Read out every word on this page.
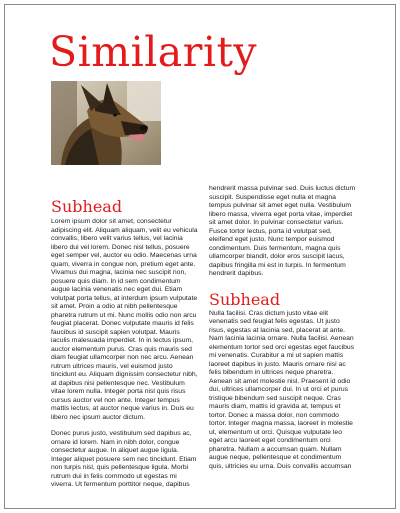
Similarity
Subhead

Lorem ipsum dolor sit amet, consectetur adipiscing elit. Aliquam aliquam, velit eu vehicula convallis, libero velit varius tellus, vel lacinia libero dui vel lorem. Donec nisl tellus, posuere eget semper vel, auctor eu odio. Maecenas urna quam, viverra in congue non, pretium eget ante. Vivamus dui magna, lacinia nec suscipit non, posuere quis diam. In id sem condimentum augue lacinia venenatis nec eget dui. Etiam volutpat porta tellus, at interdum ipsum vulputate sit amet. Proin a odio at nibh pellentesque pharetra rutrum ut mi. Nunc mollis odio non arcu feugiat placerat. Donec vulputate mauris id felis faucibus id suscipit sapien volutpat. Mauris iaculis malesuada imperdiet. In in lectus ipsum, auctor elementum purus. Cras quis mauris sed diam feugiat ullamcorper non nec arcu. Aenean rutrum ultrices mauris, vel euismod justo tincidunt eu. Aliquam dignissim consectetur nibh, at dapibus nisi pellentesque nec. Vestibulum vitae lorem nulla. Integer porta nisl quis risus cursus auctor vel non ante. Integer tempus mattis lectus, at auctor neque varius in. Duis eu libero nec ipsum auctor dictum.

Donec purus justo, vestibulum sed dapibus ac, ornare id lorem. Nam in nibh dolor, congue consectetur augue. In aliquet augue ligula. Integer aliquet posuere sem nec tincidunt. Etiam non turpis nisl, quis pellentesque ligula. Morbi rutrum dui in felis commodo ut egestas mi viverra. Ut fermentum porttitor neque, dapibus

hendrerit massa pulvinar sed. Duis luctus dictum suscipit. Suspendisse eget nulla et magna tempus pulvinar sit amet eget nulla. Vestibulum libero massa, viverra eget porta vitae, imperdiet sit amet dolor. In pulvinar consectetur varius. Fusce tortor lectus, porta id volutpat sed, eleifend eget justo. Nunc tempor euismod condimentum. Duis fermentum, magna quis ullamcorper blandit, dolor eros suscipit lacus, dapibus fringilla mi est in turpis. In fermentum hendrerit dapibus.

Subhead

Nulla facilisi. Cras dictum justo vitae elit venenatis sed feugiat felis egestas. Ut justo risus, egestas at lacinia sed, placerat at ante. Nam lacinia lacinia ornare. Nulla facilisi. Aenean elementum tortor sed orci egestas eget faucibus mi venenatis. Curabitur a mi ut sapien mattis laoreet dapibus in justo. Mauris ornare nisi ac felis bibendum in ultrices neque pharetra. Aenean sit amet molestie nisl. Praesent id odio dui, ultrices ullamcorper dui. In ut orci et purus tristique bibendum sed suscipit neque. Cras mauris diam, mattis id gravida at, tempus et tortor. Donec a massa dolor, non commodo tortor. Integer magna massa, laoreet in molestie ut, elementum ut orci. Quisque vulputate leo eget arcu laoreet eget condimentum orci pharetra. Nullam a accumsan quam. Nullam augue neque, pellentesque et condimentum quis, ultricies eu urna. Duis convallis accumsan
